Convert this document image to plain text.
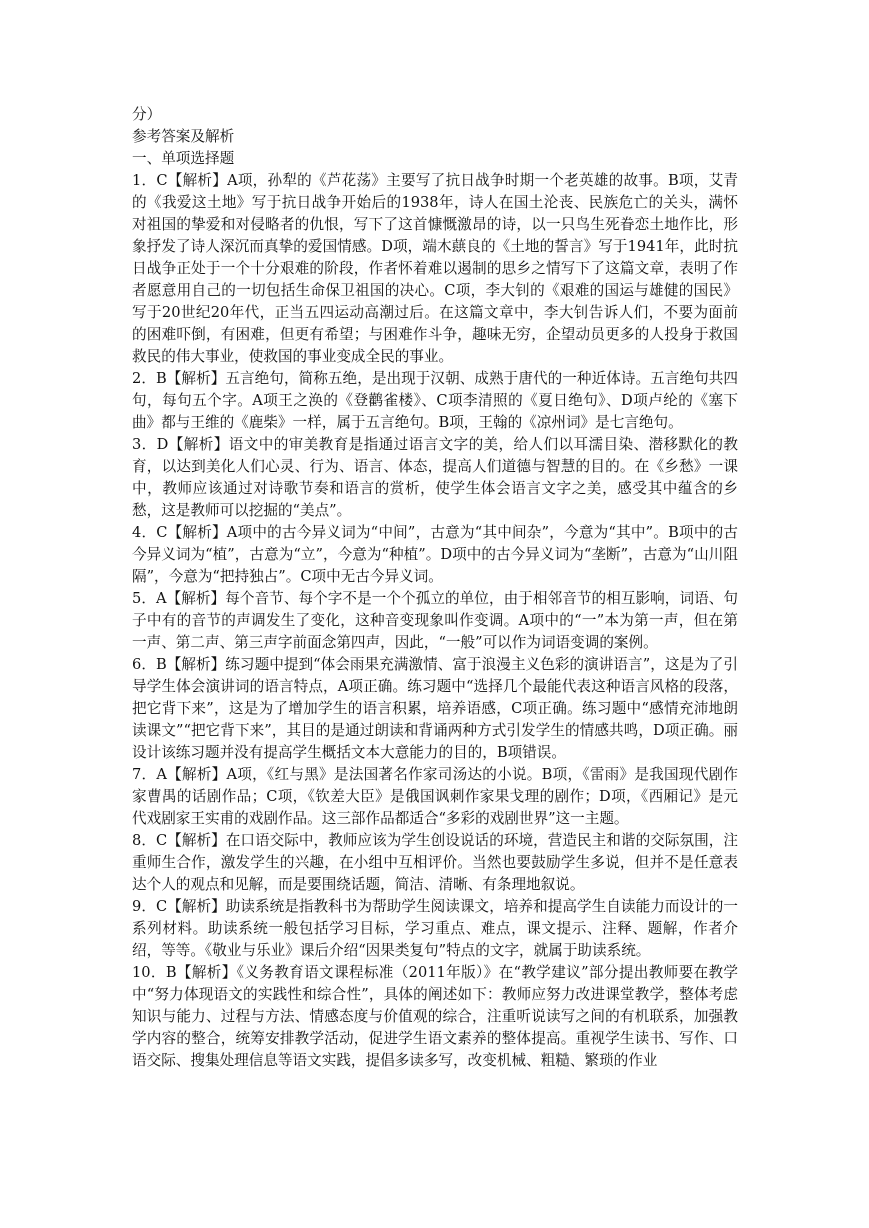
分）
参考答案及解析
一、单项选择题

1．C【解析】A项，孙犁的《芦花荡》主要写了抗日战争时期一个老英雄的故事。B项，艾青的《我爱这土地》写于抗日战争开始后的1938年，诗人在国土沦丧、民族危亡的关头，满怀对祖国的挚爱和对侵略者的仇恨，写下了这首慷慨激昂的诗，以一只鸟生死眷恋土地作比，形象抒发了诗人深沉而真挚的爱国情感。D项，端木蕻良的《土地的誓言》写于1941年，此时抗日战争正处于一个十分艰难的阶段，作者怀着难以遏制的思乡之情写下了这篇文章，表明了作者愿意用自己的一切包括生命保卫祖国的决心。C项，李大钊的《艰难的国运与雄健的国民》写于20世纪20年代，正当五四运动高潮过后。在这篇文章中，李大钊告诉人们，不要为面前的困难吓倒，有困难，但更有希望；与困难作斗争，趣味无穷，企望动员更多的人投身于救国救民的伟大事业，使救国的事业变成全民的事业。

2．B【解析】五言绝句，简称五绝，是出现于汉朝、成熟于唐代的一种近体诗。五言绝句共四句，每句五个字。A项王之涣的《登鹳雀楼》、C项李清照的《夏日绝句》、D项卢纶的《塞下曲》都与王维的《鹿柴》一样，属于五言绝句。B项，王翰的《凉州词》是七言绝句。

3．D【解析】语文中的审美教育是指通过语言文字的美，给人们以耳濡目染、潜移默化的教育，以达到美化人们心灵、行为、语言、体态，提高人们道德与智慧的目的。在《乡愁》一课中，教师应该通过对诗歌节奏和语言的赏析，使学生体会语言文字之美，感受其中蕴含的乡愁，这是教师可以挖掘的“美点”。

4．C【解析】A项中的古今异义词为“中间”，古意为“其中间杂”，今意为“其中”。B项中的古今异义词为“植”，古意为“立”，今意为“种植”。D项中的古今异义词为“垄断”，古意为“山川阻隔”，今意为“把持独占”。C项中无古今异义词。

5．A【解析】每个音节、每个字不是一个个孤立的单位，由于相邻音节的相互影响，词语、句子中有的音节的声调发生了变化，这种音变现象叫作变调。A项中的“一”本为第一声，但在第一声、第二声、第三声字前面念第四声，因此，“一般”可以作为词语变调的案例。

6．B【解析】练习题中提到“体会雨果充满激情、富于浪漫主义色彩的演讲语言”，这是为了引导学生体会演讲词的语言特点，A项正确。练习题中“选择几个最能代表这种语言风格的段落，把它背下来”，这是为了增加学生的语言积累，培养语感，C项正确。练习题中“感情充沛地朗读课文”“把它背下来”，其目的是通过朗读和背诵两种方式引发学生的情感共鸣，D项正确。丽设计该练习题并没有提高学生概括文本大意能力的目的，B项错误。

7．A【解析】A项，《红与黑》是法国著名作家司汤达的小说。B项，《雷雨》是我国现代剧作家曹禺的话剧作品；C项，《钦差大臣》是俄国讽刺作家果戈理的剧作；D项，《西厢记》是元代戏剧家王实甫的戏剧作品。这三部作品都适合“多彩的戏剧世界”这一主题。

8．C【解析】在口语交际中，教师应该为学生创设说话的环境，营造民主和谐的交际氛围，注重师生合作，激发学生的兴趣，在小组中互相评价。当然也要鼓励学生多说，但并不是任意表达个人的观点和见解，而是要围绕话题，简洁、清晰、有条理地叙说。

9．C【解析】助读系统是指教科书为帮助学生阅读课文，培养和提高学生自读能力而设计的一系列材料。助读系统一般包括学习目标，学习重点、难点，课文提示、注释、题解，作者介绍，等等。《敬业与乐业》课后介绍“因果类复句”特点的文字，就属于助读系统。

10．B【解析】《义务教育语文课程标准（2011年版）》在“教学建议”部分提出教师要在教学中“努力体现语文的实践性和综合性”，具体的阐述如下：教师应努力改进课堂教学，整体考虑知识与能力、过程与方法、情感态度与价值观的综合，注重听说读写之间的有机联系，加强教学内容的整合，统筹安排教学活动，促进学生语文素养的整体提高。重视学生读书、写作、口语交际、搜集处理信息等语文实践，提倡多读多写，改变机械、粗糙、繁琐的作业
